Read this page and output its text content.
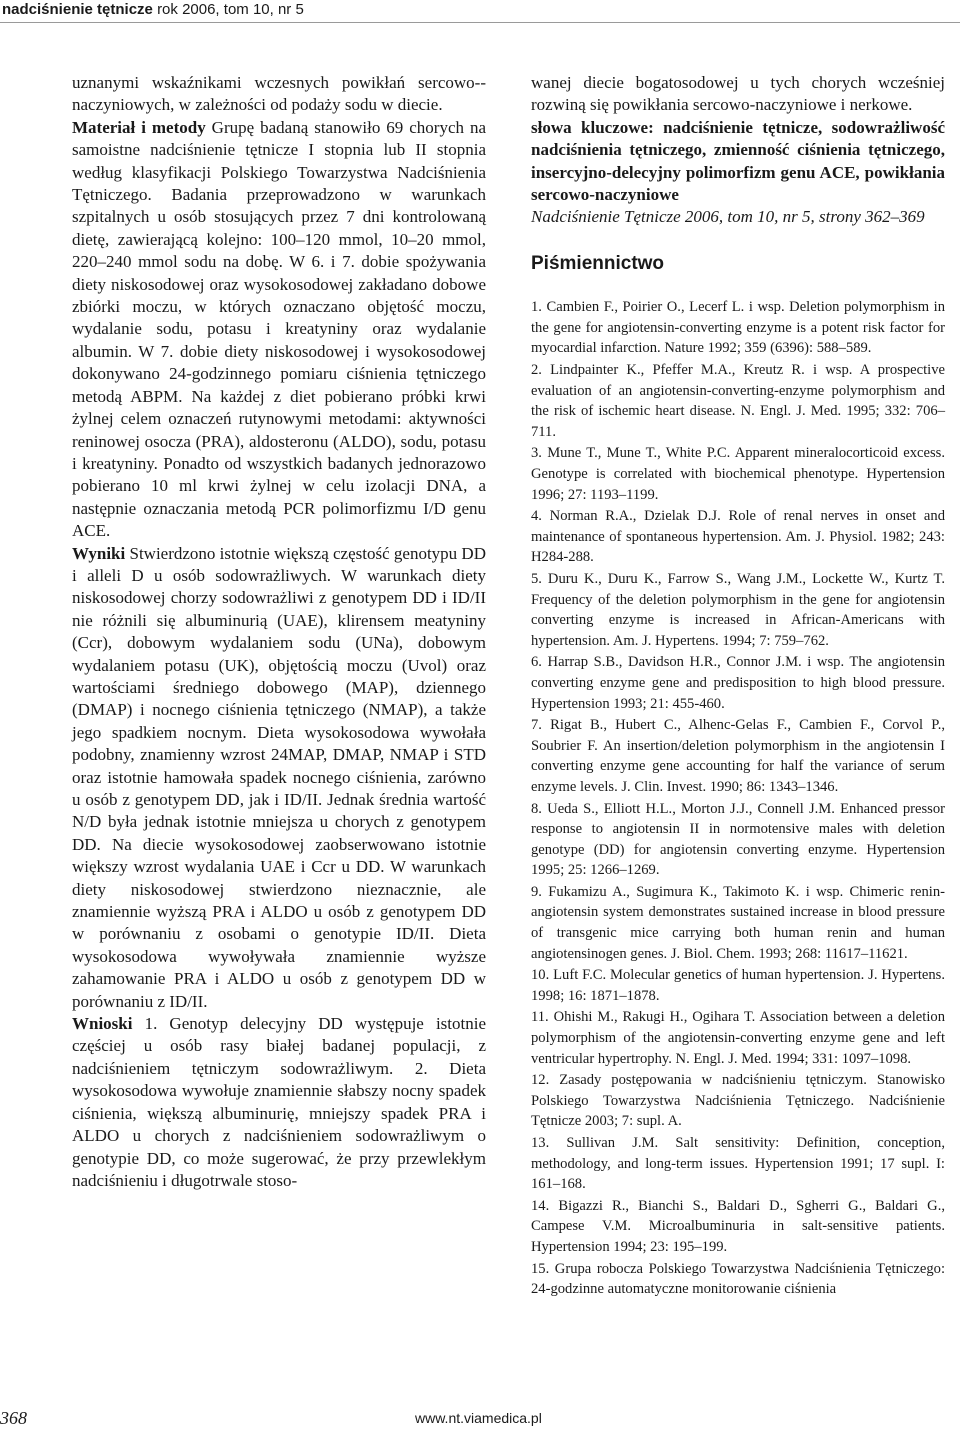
nadciśnienie tętnicze rok 2006, tom 10, nr 5

uznanymi wskaźnikami wczesnych powikłań sercowo--naczyniowych, w zależności od podaży sodu w diecie.

Materiał i metody Grupę badaną stanowiło 69 chorych na samoistne nadciśnienie tętnicze I stopnia lub II stopnia według klasyfikacji Polskiego Towarzystwa Nadciśnienia Tętniczego. Badania przeprowadzono w warunkach szpitalnych u osób stosujących przez 7 dni kontrolowaną dietę, zawierającą kolejno: 100–120 mmol, 10–20 mmol, 220–240 mmol sodu na dobę. W 6. i 7. dobie spożywania diety niskosodowej oraz wysokosodowej zakładano dobowe zbiórki moczu, w których oznaczano objętość moczu, wydalanie sodu, potasu i kreatyniny oraz wydalanie albumin. W 7. dobie diety niskosodowej i wysokosodowej dokonywano 24-godzinnego pomiaru ciśnienia tętniczego metodą ABPM. Na każdej z diet pobierano próbki krwi żylnej celem oznaczeń rutynowymi metodami: aktywności reninowej osocza (PRA), aldosteronu (ALDO), sodu, potasu i kreatyniny. Ponadto od wszystkich badanych jednorazowo pobierano 10 ml krwi żylnej w celu izolacji DNA, a następnie oznaczania metodą PCR polimorfizmu I/D genu ACE.

Wyniki Stwierdzono istotnie większą częstość genotypu DD i alleli D u osób sodowrażliwych. W warunkach diety niskosodowej chorzy sodowrażliwi z genotypem DD i ID/II nie różnili się albuminurią (UAE), klirensem meatyniny (Ccr), dobowym wydalaniem sodu (UNa), dobowym wydalaniem potasu (UK), objętością moczu (Uvol) oraz wartościami średniego dobowego (MAP), dziennego (DMAP) i nocnego ciśnienia tętniczego (NMAP), a także jego spadkiem nocnym. Dieta wysokosodowa wywołała podobny, znamienny wzrost 24MAP, DMAP, NMAP i STD oraz istotnie hamowała spadek nocnego ciśnienia, zarówno u osób z genotypem DD, jak i ID/II. Jednak średnia wartość N/D była jednak istotnie mniejsza u chorych z genotypem DD. Na diecie wysokosodowej zaobserwowano istotnie większy wzrost wydalania UAE i Ccr u DD. W warunkach diety niskosodowej stwierdzono nieznacznie, ale znamiennie wyższą PRA i ALDO u osób z genotypem DD w porównaniu z osobami o genotypie ID/II. Dieta wysokosodowa wywoływała znamiennie wyższe zahamowanie PRA i ALDO u osób z genotypem DD w porównaniu z ID/II.

Wnioski 1. Genotyp delecyjny DD występuje istotnie częściej u osób rasy białej badanej populacji, z nadciśnieniem tętniczym sodowrażliwym. 2. Dieta wysokosodowa wywołuje znamiennie słabszy nocny spadek ciśnienia, większą albuminurię, mniejszy spadek PRA i ALDO u chorych z nadciśnieniem sodowrażliwym o genotypie DD, co może sugerować, że przy przewlekłym nadciśnieniu i długotrwale stoso-

wanej diecie bogatosodowej u tych chorych wcześniej rozwiną się powikłania sercowo-naczyniowe i nerkowe.

słowa kluczowe: nadciśnienie tętnicze, sodowrażliwość nadciśnienia tętniczego, zmienność ciśnienia tętniczego, insercyjno-delecyjny polimorfizm genu ACE, powikłania sercowo-naczyniowe

Nadciśnienie Tętnicze 2006, tom 10, nr 5, strony 362–369

Piśmiennictwo

1. Cambien F., Poirier O., Lecerf L. i wsp. Deletion polymorphism in the gene for angiotensin-converting enzyme is a potent risk factor for myocardial infarction. Nature 1992; 359 (6396): 588–589.

2. Lindpainter K., Pfeffer M.A., Kreutz R. i wsp. A prospective evaluation of an angiotensin-converting-enzyme polymorphism and the risk of ischemic heart disease. N. Engl. J. Med. 1995; 332: 706–711.

3. Mune T., Mune T., White P.C. Apparent mineralocorticoid excess. Genotype is correlated with biochemical phenotype. Hypertension 1996; 27: 1193–1199.

4. Norman R.A., Dzielak D.J. Role of renal nerves in onset and maintenance of spontaneous hypertension. Am. J. Physiol. 1982; 243: H284-288.

5. Duru K., Duru K., Farrow S., Wang J.M., Lockette W., Kurtz T. Frequency of the deletion polymorphism in the gene for angiotensin converting enzyme is increased in African-Americans with hypertension. Am. J. Hypertens. 1994; 7: 759–762.

6. Harrap S.B., Davidson H.R., Connor J.M. i wsp. The angiotensin converting enzyme gene and predisposition to high blood pressure. Hypertension 1993; 21: 455-460.

7. Rigat B., Hubert C., Alhenc-Gelas F., Cambien F., Corvol P., Soubrier F. An insertion/deletion polymorphism in the angiotensin I converting enzyme gene accounting for half the variance of serum enzyme levels. J. Clin. Invest. 1990; 86: 1343–1346.

8. Ueda S., Elliott H.L., Morton J.J., Connell J.M. Enhanced pressor response to angiotensin II in normotensive males with deletion genotype (DD) for angiotensin converting enzyme. Hypertension 1995; 25: 1266–1269.

9. Fukamizu A., Sugimura K., Takimoto K. i wsp. Chimeric renin-angiotensin system demonstrates sustained increase in blood pressure of transgenic mice carrying both human renin and human angiotensinogen genes. J. Biol. Chem. 1993; 268: 11617–11621.

10. Luft F.C. Molecular genetics of human hypertension. J. Hypertens. 1998; 16: 1871–1878.

11. Ohishi M., Rakugi H., Ogihara T. Association between a deletion polymorphism of the angiotensin-converting enzyme gene and left ventricular hypertrophy. N. Engl. J. Med. 1994; 331: 1097–1098.

12. Zasady postępowania w nadciśnieniu tętniczym. Stanowisko Polskiego Towarzystwa Nadciśnienia Tętniczego. Nadciśnienie Tętnicze 2003; 7: supl. A.

13. Sullivan J.M. Salt sensitivity: Definition, conception, methodology, and long-term issues. Hypertension 1991; 17 supl. I: 161–168.

14. Bigazzi R., Bianchi S., Baldari D., Sgherri G., Baldari G., Campese V.M. Microalbuminuria in salt-sensitive patients. Hypertension 1994; 23: 195–199.

15. Grupa robocza Polskiego Towarzystwa Nadciśnienia Tętniczego: 24-godzinne automatyczne monitorowanie ciśnienia

368	www.nt.viamedica.pl
